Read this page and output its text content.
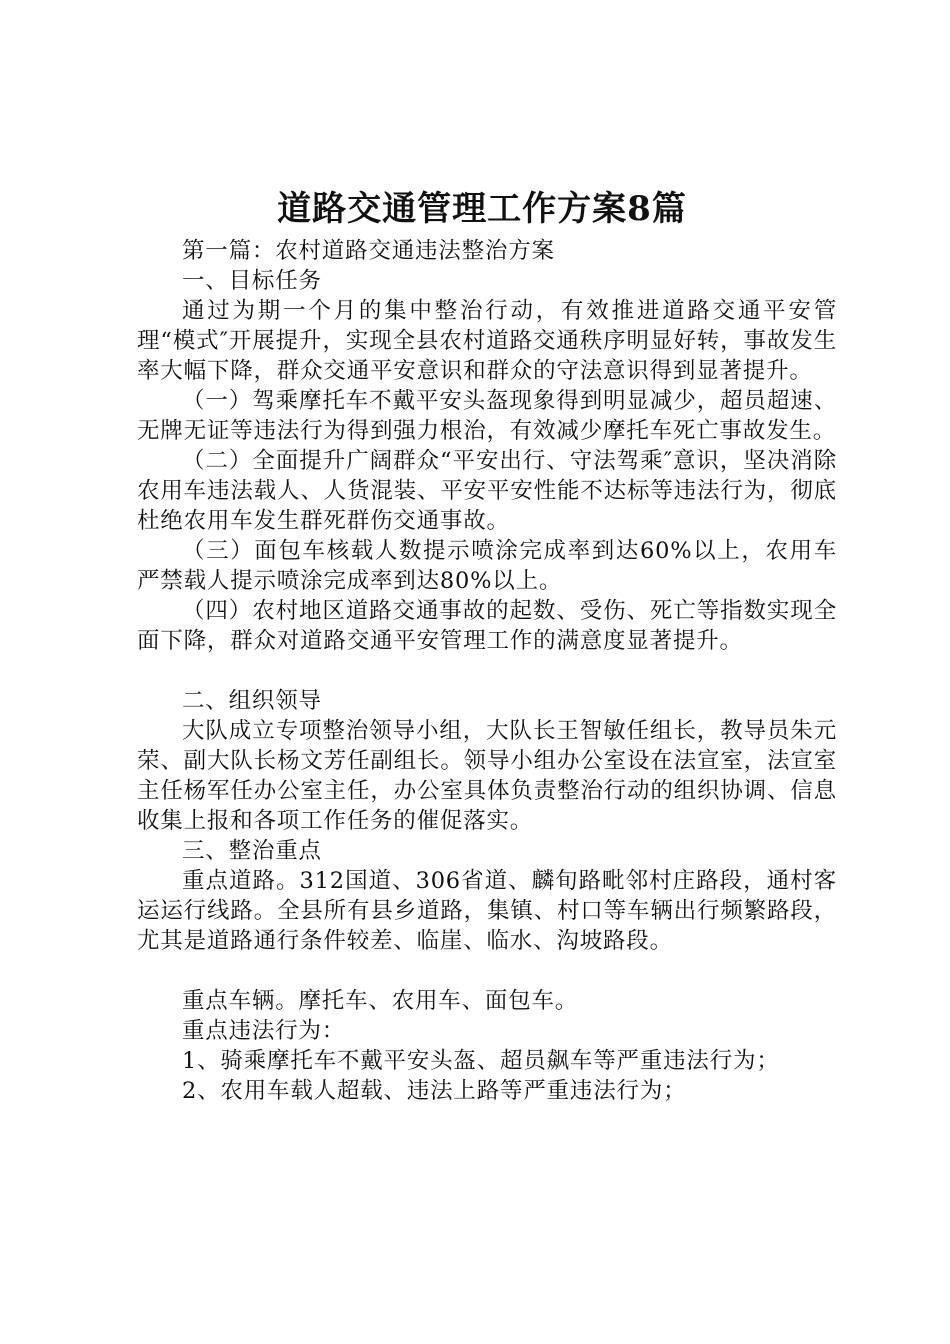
道路交通管理工作方案8篇

第一篇：农村道路交通违法整治方案

一、目标任务

通过为期一个月的集中整治行动，有效推进道路交通平安管理“模式″开展提升，实现全县农村道路交通秩序明显好转，事故发生率大幅下降，群众交通平安意识和群众的守法意识得到显著提升。

（一）驾乘摩托车不戴平安头盔现象得到明显减少，超员超速、无牌无证等违法行为得到强力根治，有效减少摩托车死亡事故发生。

（二）全面提升广阔群众“平安出行、守法驾乘″意识，坚决消除农用车违法载人、人货混装、平安平安性能不达标等违法行为，彻底杜绝农用车发生群死群伤交通事故。

（三）面包车核载人数提示喷涂完成率到达60%以上，农用车严禁载人提示喷涂完成率到达80%以上。

（四）农村地区道路交通事故的起数、受伤、死亡等指数实现全面下降，群众对道路交通平安管理工作的满意度显著提升。

二、组织领导

大队成立专项整治领导小组，大队长王智敏任组长，教导员朱元荣、副大队长杨文芳任副组长。领导小组办公室设在法宣室，法宣室主任杨军任办公室主任，办公室具体负责整治行动的组织协调、信息收集上报和各项工作任务的催促落实。

三、整治重点

重点道路。312国道、306省道、麟旬路毗邻村庄路段，通村客运运行线路。全县所有县乡道路，集镇、村口等车辆出行频繁路段，尤其是道路通行条件较差、临崖、临水、沟坡路段。

重点车辆。摩托车、农用车、面包车。

重点违法行为：

1、骑乘摩托车不戴平安头盔、超员飙车等严重违法行为；

2、农用车载人超载、违法上路等严重违法行为；
